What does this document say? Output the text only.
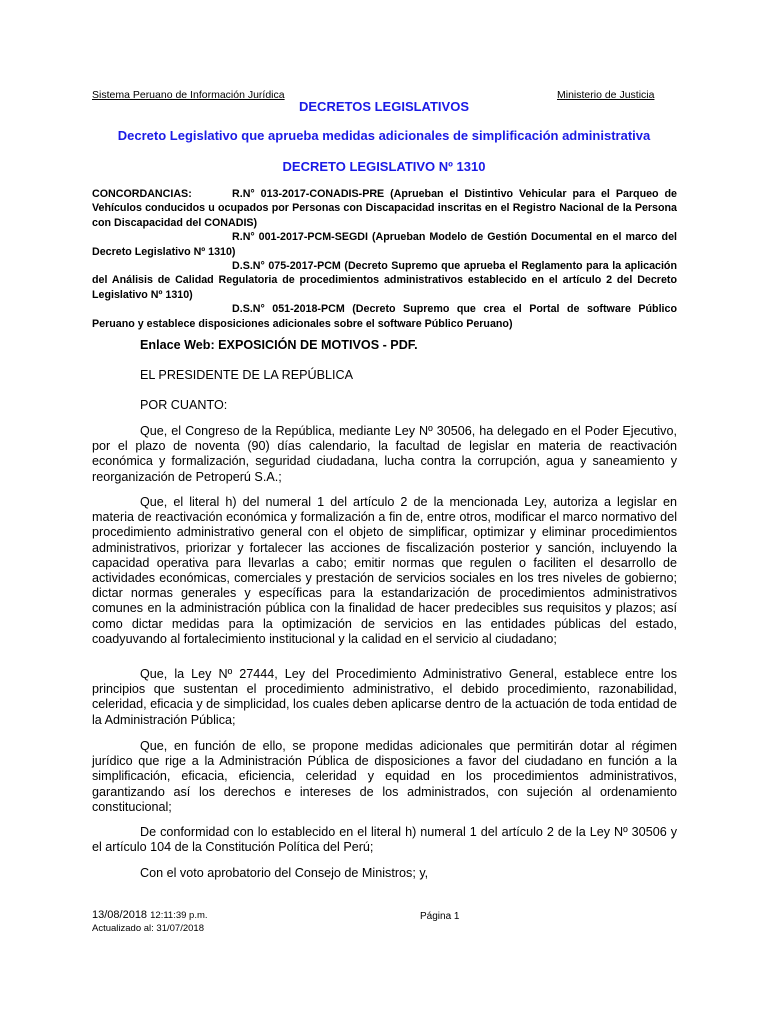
Sistema Peruano de Información Jurídica	Ministerio de Justicia
DECRETOS LEGISLATIVOS
Decreto Legislativo que aprueba medidas adicionales de simplificación administrativa
DECRETO LEGISLATIVO Nº 1310

CONCORDANCIAS:	R.N° 013-2017-CONADIS-PRE (Aprueban el Distintivo Vehicular para el Parqueo de Vehículos conducidos u ocupados por Personas con Discapacidad inscritas en el Registro Nacional de la Persona con Discapacidad del CONADIS)

R.N° 001-2017-PCM-SEGDI (Aprueban Modelo de Gestión Documental en el marco del Decreto Legislativo Nº 1310)

D.S.N° 075-2017-PCM (Decreto Supremo que aprueba el Reglamento para la aplicación del Análisis de Calidad Regulatoria de procedimientos administrativos establecido en el artículo 2 del Decreto Legislativo Nº 1310)

D.S.N° 051-2018-PCM (Decreto Supremo que crea el Portal de software Público Peruano y establece disposiciones adicionales sobre el software Público Peruano)

Enlace Web: EXPOSICIÓN DE MOTIVOS - PDF.
EL PRESIDENTE DE LA REPÚBLICA
POR CUANTO:

Que, el Congreso de la República, mediante Ley Nº 30506, ha delegado en el Poder Ejecutivo, por el plazo de noventa (90) días calendario, la facultad de legislar en materia de reactivación económica y formalización, seguridad ciudadana, lucha contra la corrupción, agua y saneamiento y reorganización de Petroperú S.A.;

Que, el literal h) del numeral 1 del artículo 2 de la mencionada Ley, autoriza a legislar en materia de reactivación económica y formalización a fin de, entre otros, modificar el marco normativo del procedimiento administrativo general con el objeto de simplificar, optimizar y eliminar procedimientos administrativos, priorizar y fortalecer las acciones de fiscalización posterior y sanción, incluyendo la capacidad operativa para llevarlas a cabo; emitir normas que regulen o faciliten el desarrollo de actividades económicas, comerciales y prestación de servicios sociales en los tres niveles de gobierno; dictar normas generales y específicas para la estandarización de procedimientos administrativos comunes en la administración pública con la finalidad de hacer predecibles sus requisitos y plazos; así como dictar medidas para la optimización de servicios en las entidades públicas del estado, coadyuvando al fortalecimiento institucional y la calidad en el servicio al ciudadano;

Que, la Ley Nº 27444, Ley del Procedimiento Administrativo General, establece entre los principios que sustentan el procedimiento administrativo, el debido procedimiento, razonabilidad, celeridad, eficacia y de simplicidad, los cuales deben aplicarse dentro de la actuación de toda entidad de la Administración Pública;

Que, en función de ello, se propone medidas adicionales que permitirán dotar al régimen jurídico que rige a la Administración Pública de disposiciones a favor del ciudadano en función a la simplificación, eficacia, eficiencia, celeridad y equidad en los procedimientos administrativos, garantizando así los derechos e intereses de los administrados, con sujeción al ordenamiento constitucional;

De conformidad con lo establecido en el literal h) numeral 1 del artículo 2 de la Ley Nº 30506 y el artículo 104 de la Constitución Política del Perú;

Con el voto aprobatorio del Consejo de Ministros; y,

13/08/2018 12:11:39 p.m.	Página 1
Actualizado al: 31/07/2018
